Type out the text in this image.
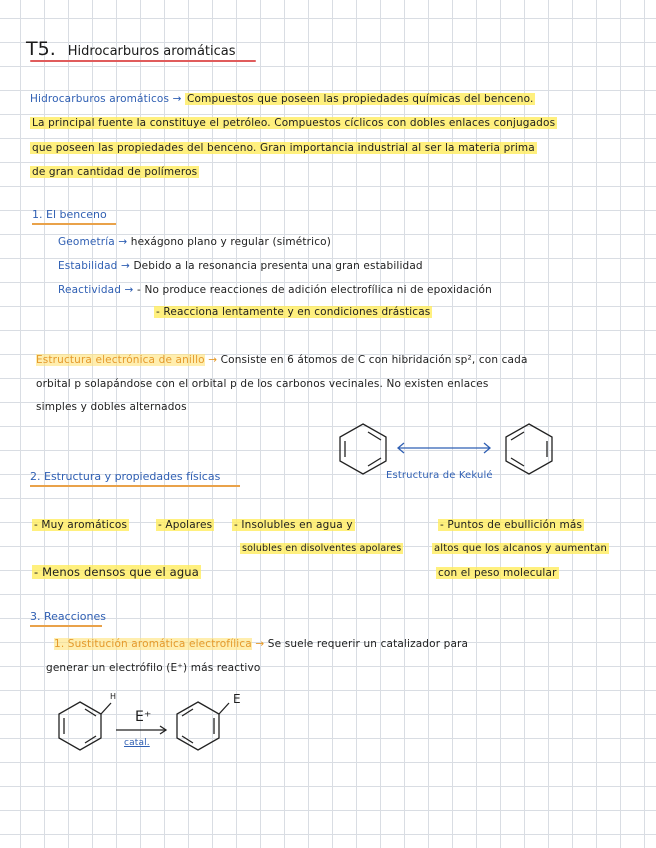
T5. Hidrocarburos aromáticas
Hidrocarburos aromáticos → Compuestos que poseen las propiedades químicas del benceno.
La principal fuente la constituye el petróleo. Compuestos cíclicos con dobles enlaces conjugados
que poseen las propiedades del benceno. Gran importancia industrial al ser la materia prima
de gran cantidad de polímeros
1. El benceno
Geometría → hexágono plano y regular (simétrico)
Estabilidad → Debido a la resonancia presenta una gran estabilidad
Reactividad → - No produce reacciones de adición electrofílica ni de epoxidación
- Reacciona lentamente y en condiciones drásticas
Estructura electrónica de anillo → Consiste en 6 átomos de C con hibridación sp², con cada
orbital p solapándose con el orbital p de los carbonos vecinales. No existen enlaces
simples y dobles alternados
Estructura de Kekulé
2. Estructura y propiedades físicas
- Muy aromáticos	- Apolares - Insolubles en agua y
solubles en disolventes apolares
- Puntos de ebullición más
altos que los alcanos y aumentan
con el peso molecular
- Menos densos que el agua
3. Reacciones
1. Sustitución aromática electrofílica → Se suele requerir un catalizador para
generar un electrófilo (E⁺) más reactivo
H
E⁺
catal.
E
